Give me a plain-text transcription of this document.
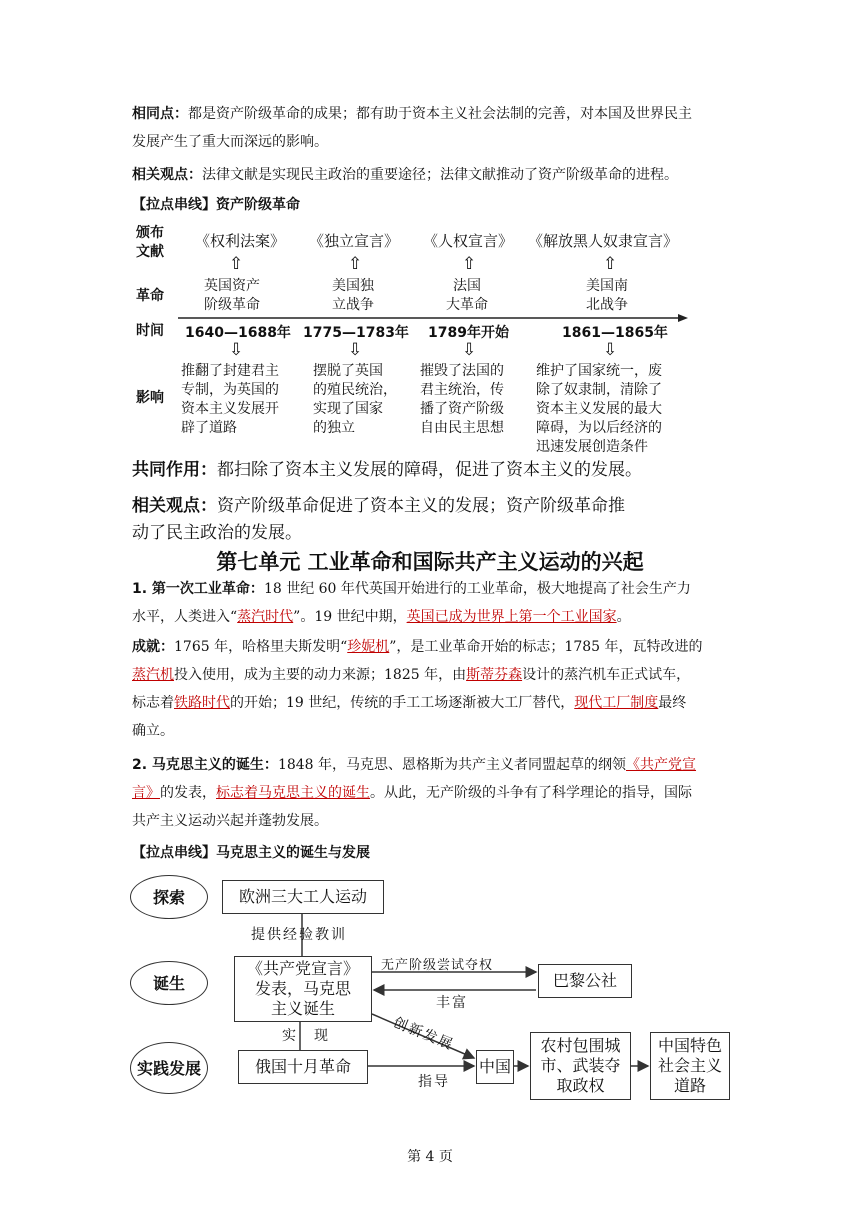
相同点：都是资产阶级革命的成果；都有助于资本主义社会法制的完善，对本国及世界民主
发展产生了重大而深远的影响。
相关观点：法律文献是实现民主政治的重要途径；法律文献推动了资产阶级革命的进程。
【拉点串线】资产阶级革命
颁布
文献
革命
时间
影响
《权利法案》
⇧
英国资产
阶级革命
1640—1688年
⇩
推翻了封建君主
专制，为英国的
资本主义发展开
辟了道路
《独立宣言》
⇧
美国独
立战争
1775—1783年
⇩
摆脱了英国
的殖民统治，
实现了国家
的独立
《人权宣言》
⇧
法国
大革命
1789年开始
⇩
摧毁了法国的
君主统治，传
播了资产阶级
自由民主思想
《解放黑人奴隶宣言》
⇧
美国南
北战争
1861—1865年
⇩
维护了国家统一，废
除了奴隶制，清除了
资本主义发展的最大
障碍，为以后经济的
迅速发展创造条件
共同作用：都扫除了资本主义发展的障碍，促进了资本主义的发展。
相关观点：资产阶级革命促进了资本主义的发展；资产阶级革命推
动了民主政治的发展。
第七单元 工业革命和国际共产主义运动的兴起
1. 第一次工业革命：18 世纪 60 年代英国开始进行的工业革命，极大地提高了社会生产力
水平，人类进入“蒸汽时代”。19 世纪中期，英国已成为世界上第一个工业国家。
成就：1765 年，哈格里夫斯发明“珍妮机”，是工业革命开始的标志；1785 年，瓦特改进的
蒸汽机投入使用，成为主要的动力来源；1825 年，由斯蒂芬森设计的蒸汽机车正式试车，
标志着铁路时代的开始；19 世纪，传统的手工工场逐渐被大工厂替代，现代工厂制度最终
确立。
2. 马克思主义的诞生：1848 年，马克思、恩格斯为共产主义者同盟起草的纲领《共产党宣
言》的发表，标志着马克思主义的诞生。从此，无产阶级的斗争有了科学理论的指导，国际
共产主义运动兴起并蓬勃发展。
【拉点串线】马克思主义的诞生与发展
探索
诞生
实践 发展
欧洲三大工人运动
提供经验教训
《共产党宣言》
发表，马克思
主义诞生
无产阶级尝试夺权
巴黎公社
丰富
创新发展
实　现
俄国十月革命
指导
中国
农村包围城
市、武装夺
取政权
中国特色
社会主义
道路
第 4 页
